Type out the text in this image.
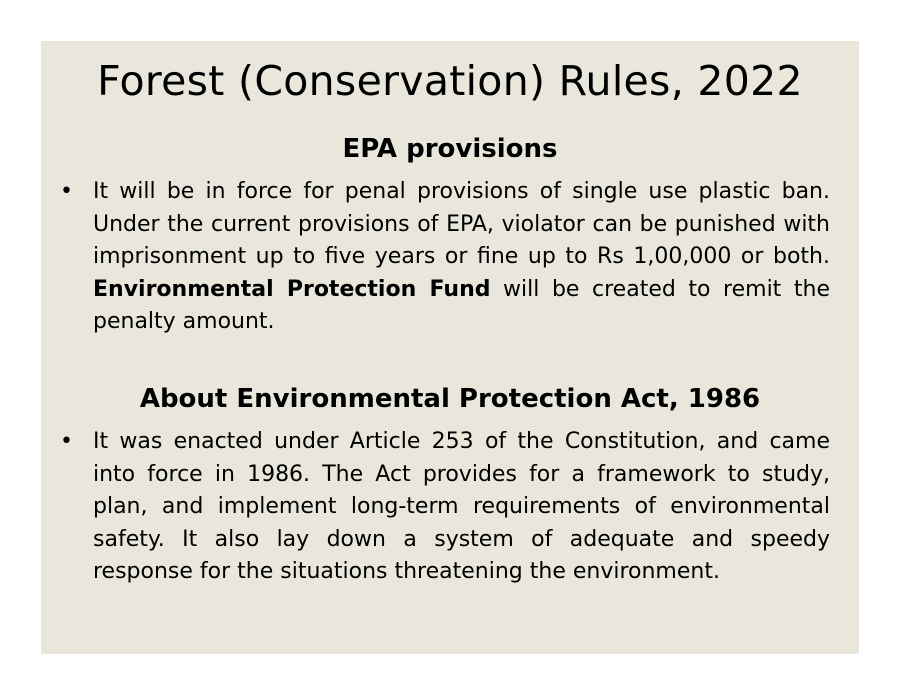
Forest (Conservation) Rules, 2022
EPA provisions
• It will be in force for penal provisions of single use plastic ban. Under the current provisions of EPA, violator can be punished with imprisonment up to five years or fine up to Rs 1,00,000 or both. Environmental Protection Fund will be created to remit the penalty amount.
About Environmental Protection Act, 1986
• It was enacted under Article 253 of the Constitution, and came into force in 1986. The Act provides for a framework to study, plan, and implement long-term requirements of environmental safety. It also lay down a system of adequate and speedy response for the situations threatening the environment.
